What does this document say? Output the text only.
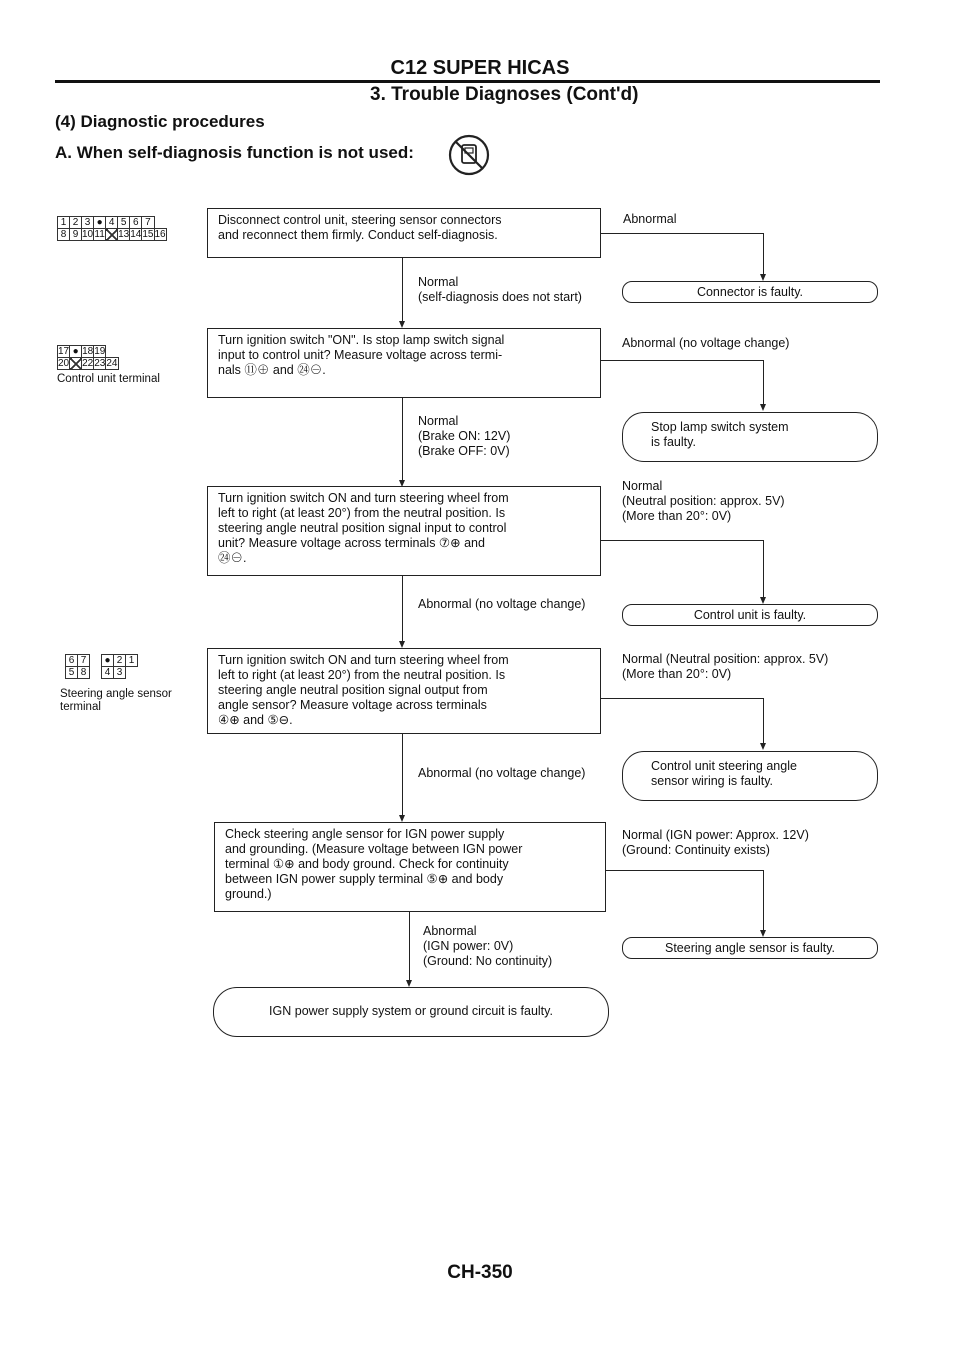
C12 SUPER HICAS
3. Trouble Diagnoses (Cont'd)
(4) Diagnostic procedures
A. When self-diagnosis function is not used:
1	2	3	●	4	5	6	7	
8	9	10	11		13	14	15	16
17	●	18	19	
20		22	23	24
Control unit terminal
6	7		●	2	1
5	8		4	3	
Steering angle sensor
terminal
Disconnect control unit, steering sensor connectors
and reconnect them firmly. Conduct self-diagnosis.
Abnormal
Connector is faulty.
Normal
(self-diagnosis does not start)
Turn ignition switch "ON". Is stop lamp switch signal
input to control unit? Measure voltage across termi-
nals ⑪⊕ and ㉔⊖.
Abnormal (no voltage change)
Stop lamp switch system
is faulty.
Normal
(Brake ON: 12V)
(Brake OFF: 0V)
Turn ignition switch ON and turn steering wheel from
left to right (at least 20°) from the neutral position. Is
steering angle neutral position signal input to control
unit? Measure voltage across terminals ⑦⊕ and
㉔⊖.
Normal
(Neutral position: approx. 5V)
(More than 20°: 0V)
Control unit is faulty.
Abnormal (no voltage change)
Turn ignition switch ON and turn steering wheel from
left to right (at least 20°) from the neutral position. Is
steering angle neutral position signal output from
angle sensor? Measure voltage across terminals
④⊕ and ⑤⊖.
Normal (Neutral position: approx. 5V)
(More than 20°: 0V)
Control unit steering angle
sensor wiring is faulty.
Abnormal (no voltage change)
Check steering angle sensor for IGN power supply
and grounding. (Measure voltage between IGN power
terminal ①⊕ and body ground. Check for continuity
between IGN power supply terminal ⑤⊕ and body
ground.)
Normal (IGN power: Approx. 12V)
(Ground: Continuity exists)
Steering angle sensor is faulty.
Abnormal
(IGN power: 0V)
(Ground: No continuity)
IGN power supply system or ground circuit is faulty.
CH-350
